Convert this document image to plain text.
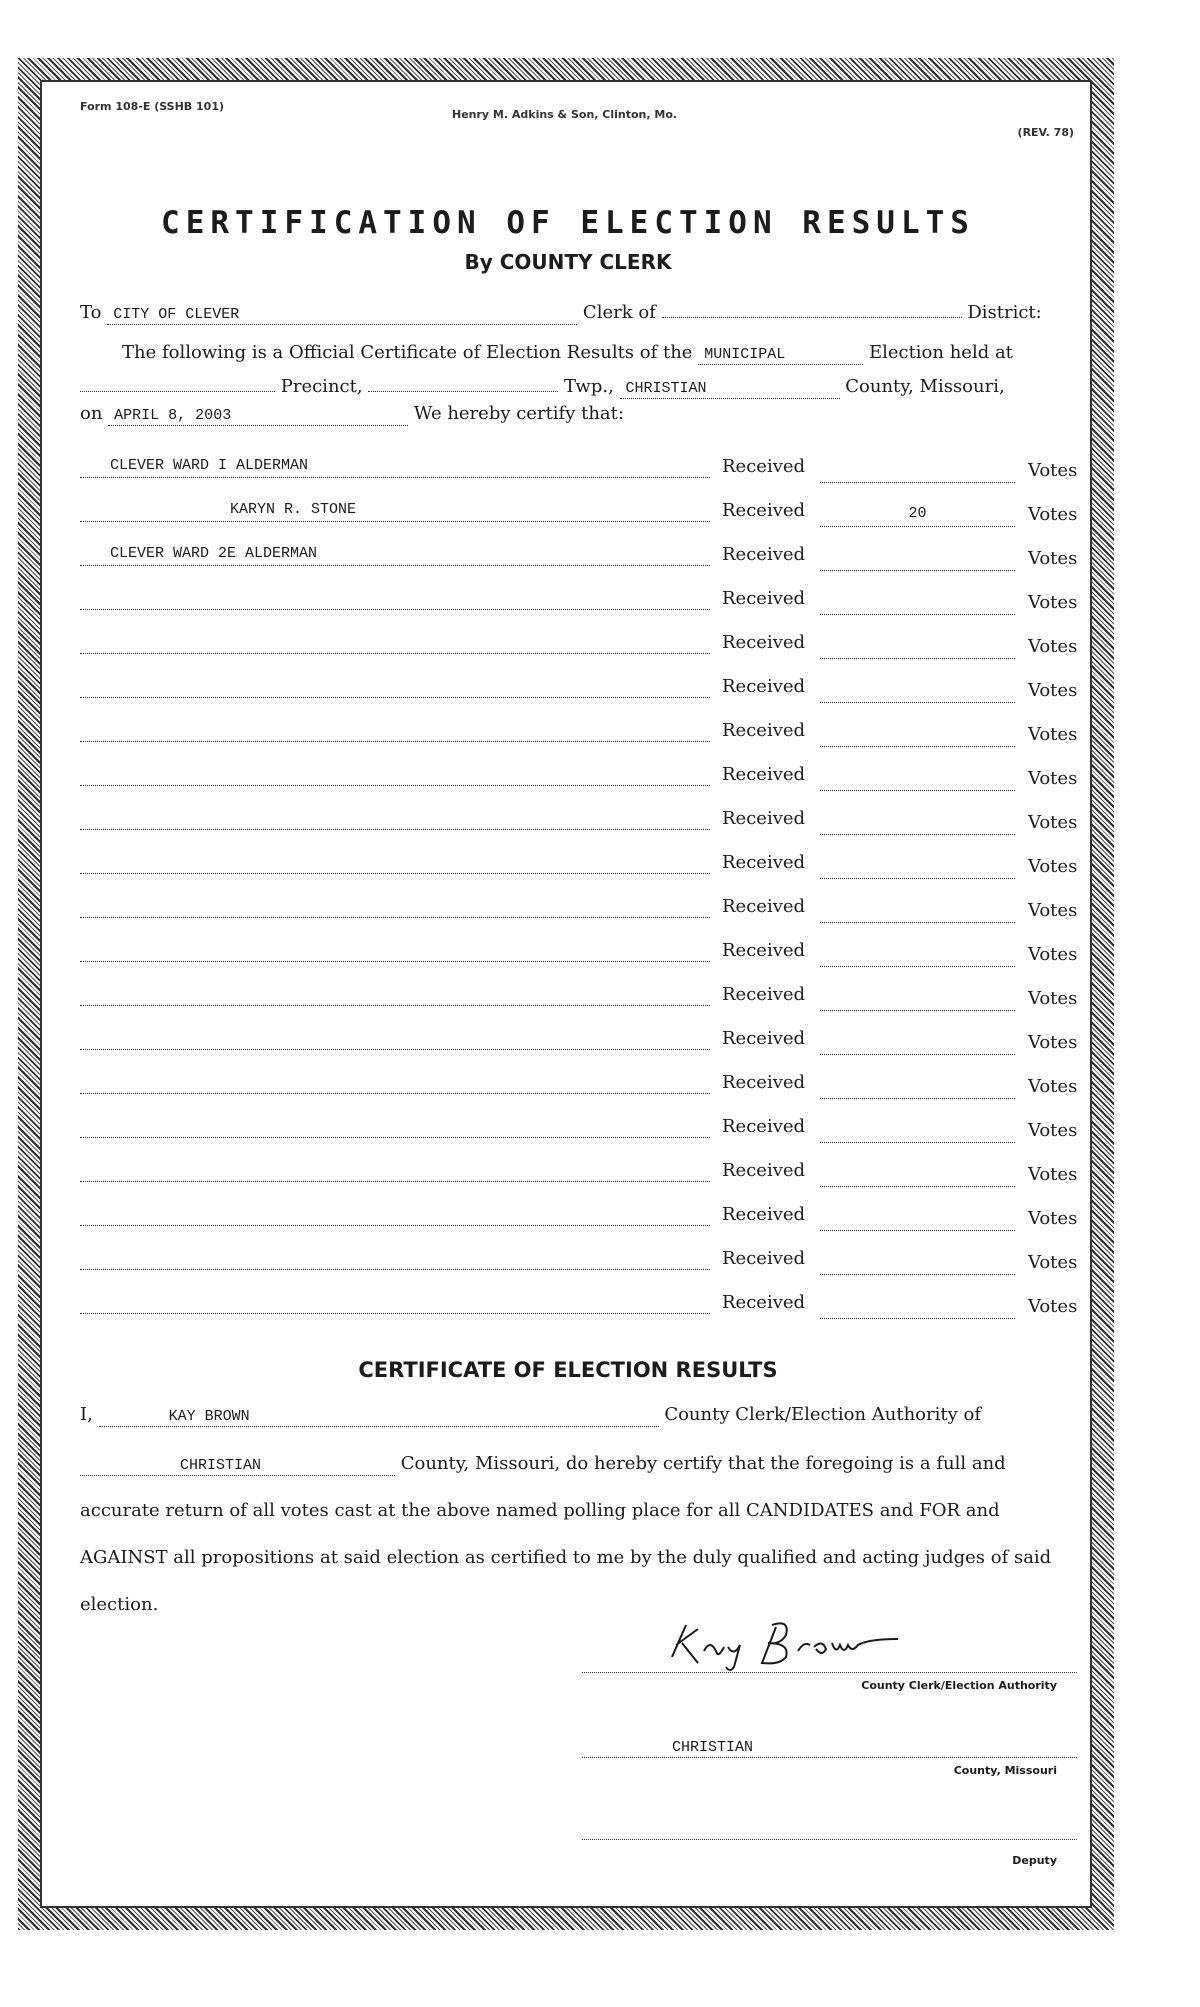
Form 108-E (SSHB 101)
Henry M. Adkins & Son, Clinton, Mo.
(REV. 78)
CERTIFICATION OF ELECTION RESULTS
By COUNTY CLERK
To CITY OF CLEVER	Clerk of	District:
The following is a Official Certificate of Election Results of the MUNICIPAL	Election held at
Precinct,	Twp., CHRISTIAN	County, Missouri,
on APRIL 8, 2003	We hereby certify that:
CLEVER WARD I ALDERMAN	Received	Votes
KARYN R. STONE	Received	20	Votes
CLEVER WARD 2E ALDERMAN	Received	Votes
Received	Votes
Received	Votes
Received	Votes
Received	Votes
Received	Votes
Received	Votes
Received	Votes
Received	Votes
Received	Votes
Received	Votes
Received	Votes
Received	Votes
Received	Votes
Received	Votes
Received	Votes
Received	Votes
Received	Votes
CERTIFICATE OF ELECTION RESULTS
I,	KAY BROWN	County Clerk/Election Authority of
CHRISTIAN	County, Missouri, do hereby certify that the foregoing is a full and accurate return of all votes cast at the above named polling place for all CANDIDATES and FOR and AGAINST all propositions at said election as certified to me by the duly qualified and acting judges of said election.
County Clerk/Election Authority
CHRISTIAN
County, Missouri
Deputy
